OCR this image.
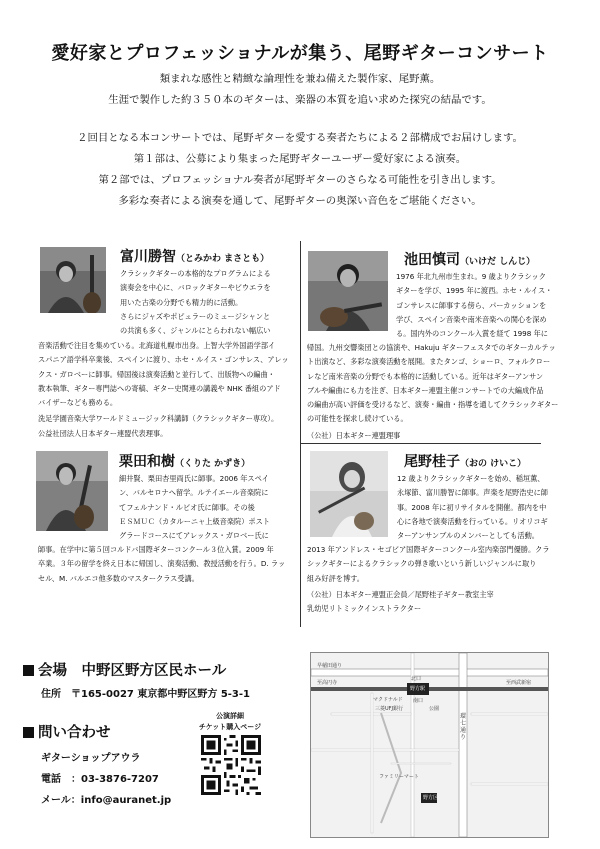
愛好家とプロフェッショナルが集う、尾野ギターコンサート
類まれな感性と精緻な論理性を兼ね備えた製作家、尾野薫。
生涯で製作した約３５０本のギターは、楽器の本質を追い求めた探究の結晶です。
２回目となる本コンサートでは、尾野ギターを愛する奏者たちによる２部構成でお届けします。
第１部は、公募により集まった尾野ギターユーザー愛好家による演奏。
第２部では、プロフェッショナル奏者が尾野ギターのさらなる可能性を引き出します。
多彩な奏者による演奏を通して、尾野ギターの奥深い音色をご堪能ください。
富川勝智（とみかわ まさとも）

クラシックギターの本格的なプログラムによる

演奏会を中心に、バロックギターやビウエラを

用いた古楽の分野でも精力的に活動。

さらにジャズやポピュラーのミュージシャンと

の共演も多く、ジャンルにとらわれない幅広い

音楽活動で注目を集めている。北海道札幌市出身。上智大学外国語学部イ

スパニア語学科卒業後、スペインに渡り、ホセ・ルイス・ゴンサレス、アレッ

クス・ガロベーに師事。帰国後は演奏活動と並行して、出版物への編曲・

教本執筆、ギター専門誌への寄稿、ギター史関連の講義や NHK 番組のアド

バイザーなども務める。

洗足学園音楽大学ワールドミュージック科講師（クラシックギター専攻）。

公益社団法人日本ギター連盟代表理事。

池田慎司（いけだ しんじ）

1976 年北九州市生まれ。9 歳よりクラシック

ギターを学び、1995 年に渡西。ホセ・ルイス・

ゴンサレスに師事する傍ら、パーカッションを

学び、スペイン音楽や南米音楽への関心を深め

る。国内外のコンクール入賞を経て 1998 年に

帰国。九州交響楽団との協演や、Hakuju ギターフェスタでのギターカルテッ

ト出演など、多彩な演奏活動を展開。またタンゴ、ショーロ、フォルクロー

レなど南米音楽の分野でも本格的に活動している。近年はギターアンサン

ブルや編曲にも力を注ぎ、日本ギター連盟主催コンサートでの大編成作品

の編曲が高い評価を受けるなど、演奏・編曲・指導を通してクラシックギター

の可能性を探求し続けている。

（公社）日本ギター連盟理事

栗田和樹（くりた かずき）

細井賢、栗田杏里両氏に師事。2006 年スペイ

ン、バルセロナへ留学。ルテイエール音楽院に

てフェルナンド・ルビオ氏に師事。その後

ＥＳＭＵＣ（カタルーニャ上級音楽院）ポスト

グラードコースにてアレックス・ガロベー氏に

師事。在学中に第５回コルドバ国際ギターコンクール３位入賞。2009 年

卒業。３年の留学を終え日本に帰国し、演奏活動、教授活動を行う。D. ラッ

セル、M. バルエコ他多数のマスタークラス受講。

尾野桂子（おの けいこ）

12 歳よりクラシックギターを始め、稲垣薫、

永塚節、富川勝智に師事。声楽を尾野浩史に師

事。2008 年に初リサイタルを開催。都内を中

心に各地で演奏活動を行っている。リオリコギ

ターアンサンブルのメンバーとしても活動。

2013 年アンドレス・セゴビア国際ギターコンクール室内楽部門優勝。クラ

シックギターによるクラシックの弾き歌いという新しいジャンルに取り

組み好評を博す。

（公社）日本ギター連盟正会員／尾野桂子ギター教室主宰

乳幼児リトミックインストラクター

会場　中野区野方区民ホール
住所　〒165-0027 東京都中野区野方 5-3-1
問い合わせ
ギターショップアウラ
電話　：03-3876-7207
メール：info@auranet.jp
公演詳細
チケット購入ページ
早稲田通り
至高円寺	至西武新宿
北口
野方駅
南口
マクドナルド
三菱UFJ銀行	公園
ファミリーマート
野方区
環七通り
